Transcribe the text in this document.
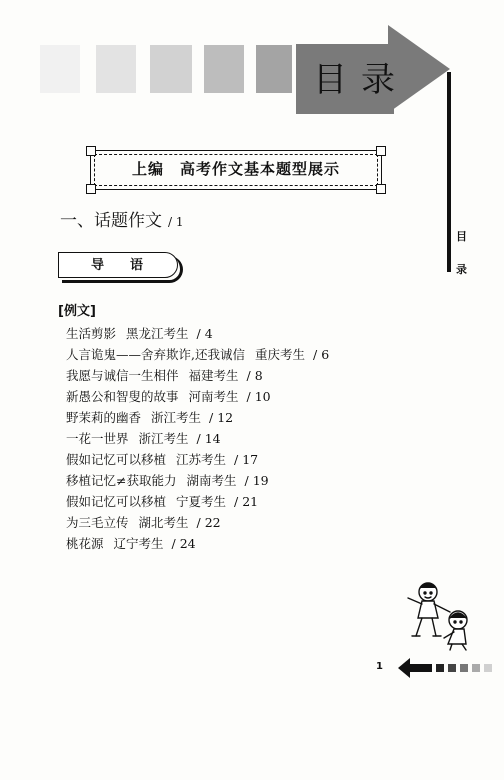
目录
目
录
上编　高考作文基本题型展示
一、话题作文 / 1
导语
[例文]
生活剪影 黑龙江考生 / 4
人言诡鬼——舍弃欺诈,还我诚信 重庆考生 / 6
我愿与诚信一生相伴 福建考生 / 8
新愚公和智叟的故事 河南考生 / 10
野茉莉的幽香 浙江考生 / 12
一花一世界 浙江考生 / 14
假如记忆可以移植 江苏考生 / 17
移植记忆≠获取能力 湖南考生 / 19
假如记忆可以移植 宁夏考生 / 21
为三毛立传 湖北考生 / 22
桃花源 辽宁考生 / 24
1
